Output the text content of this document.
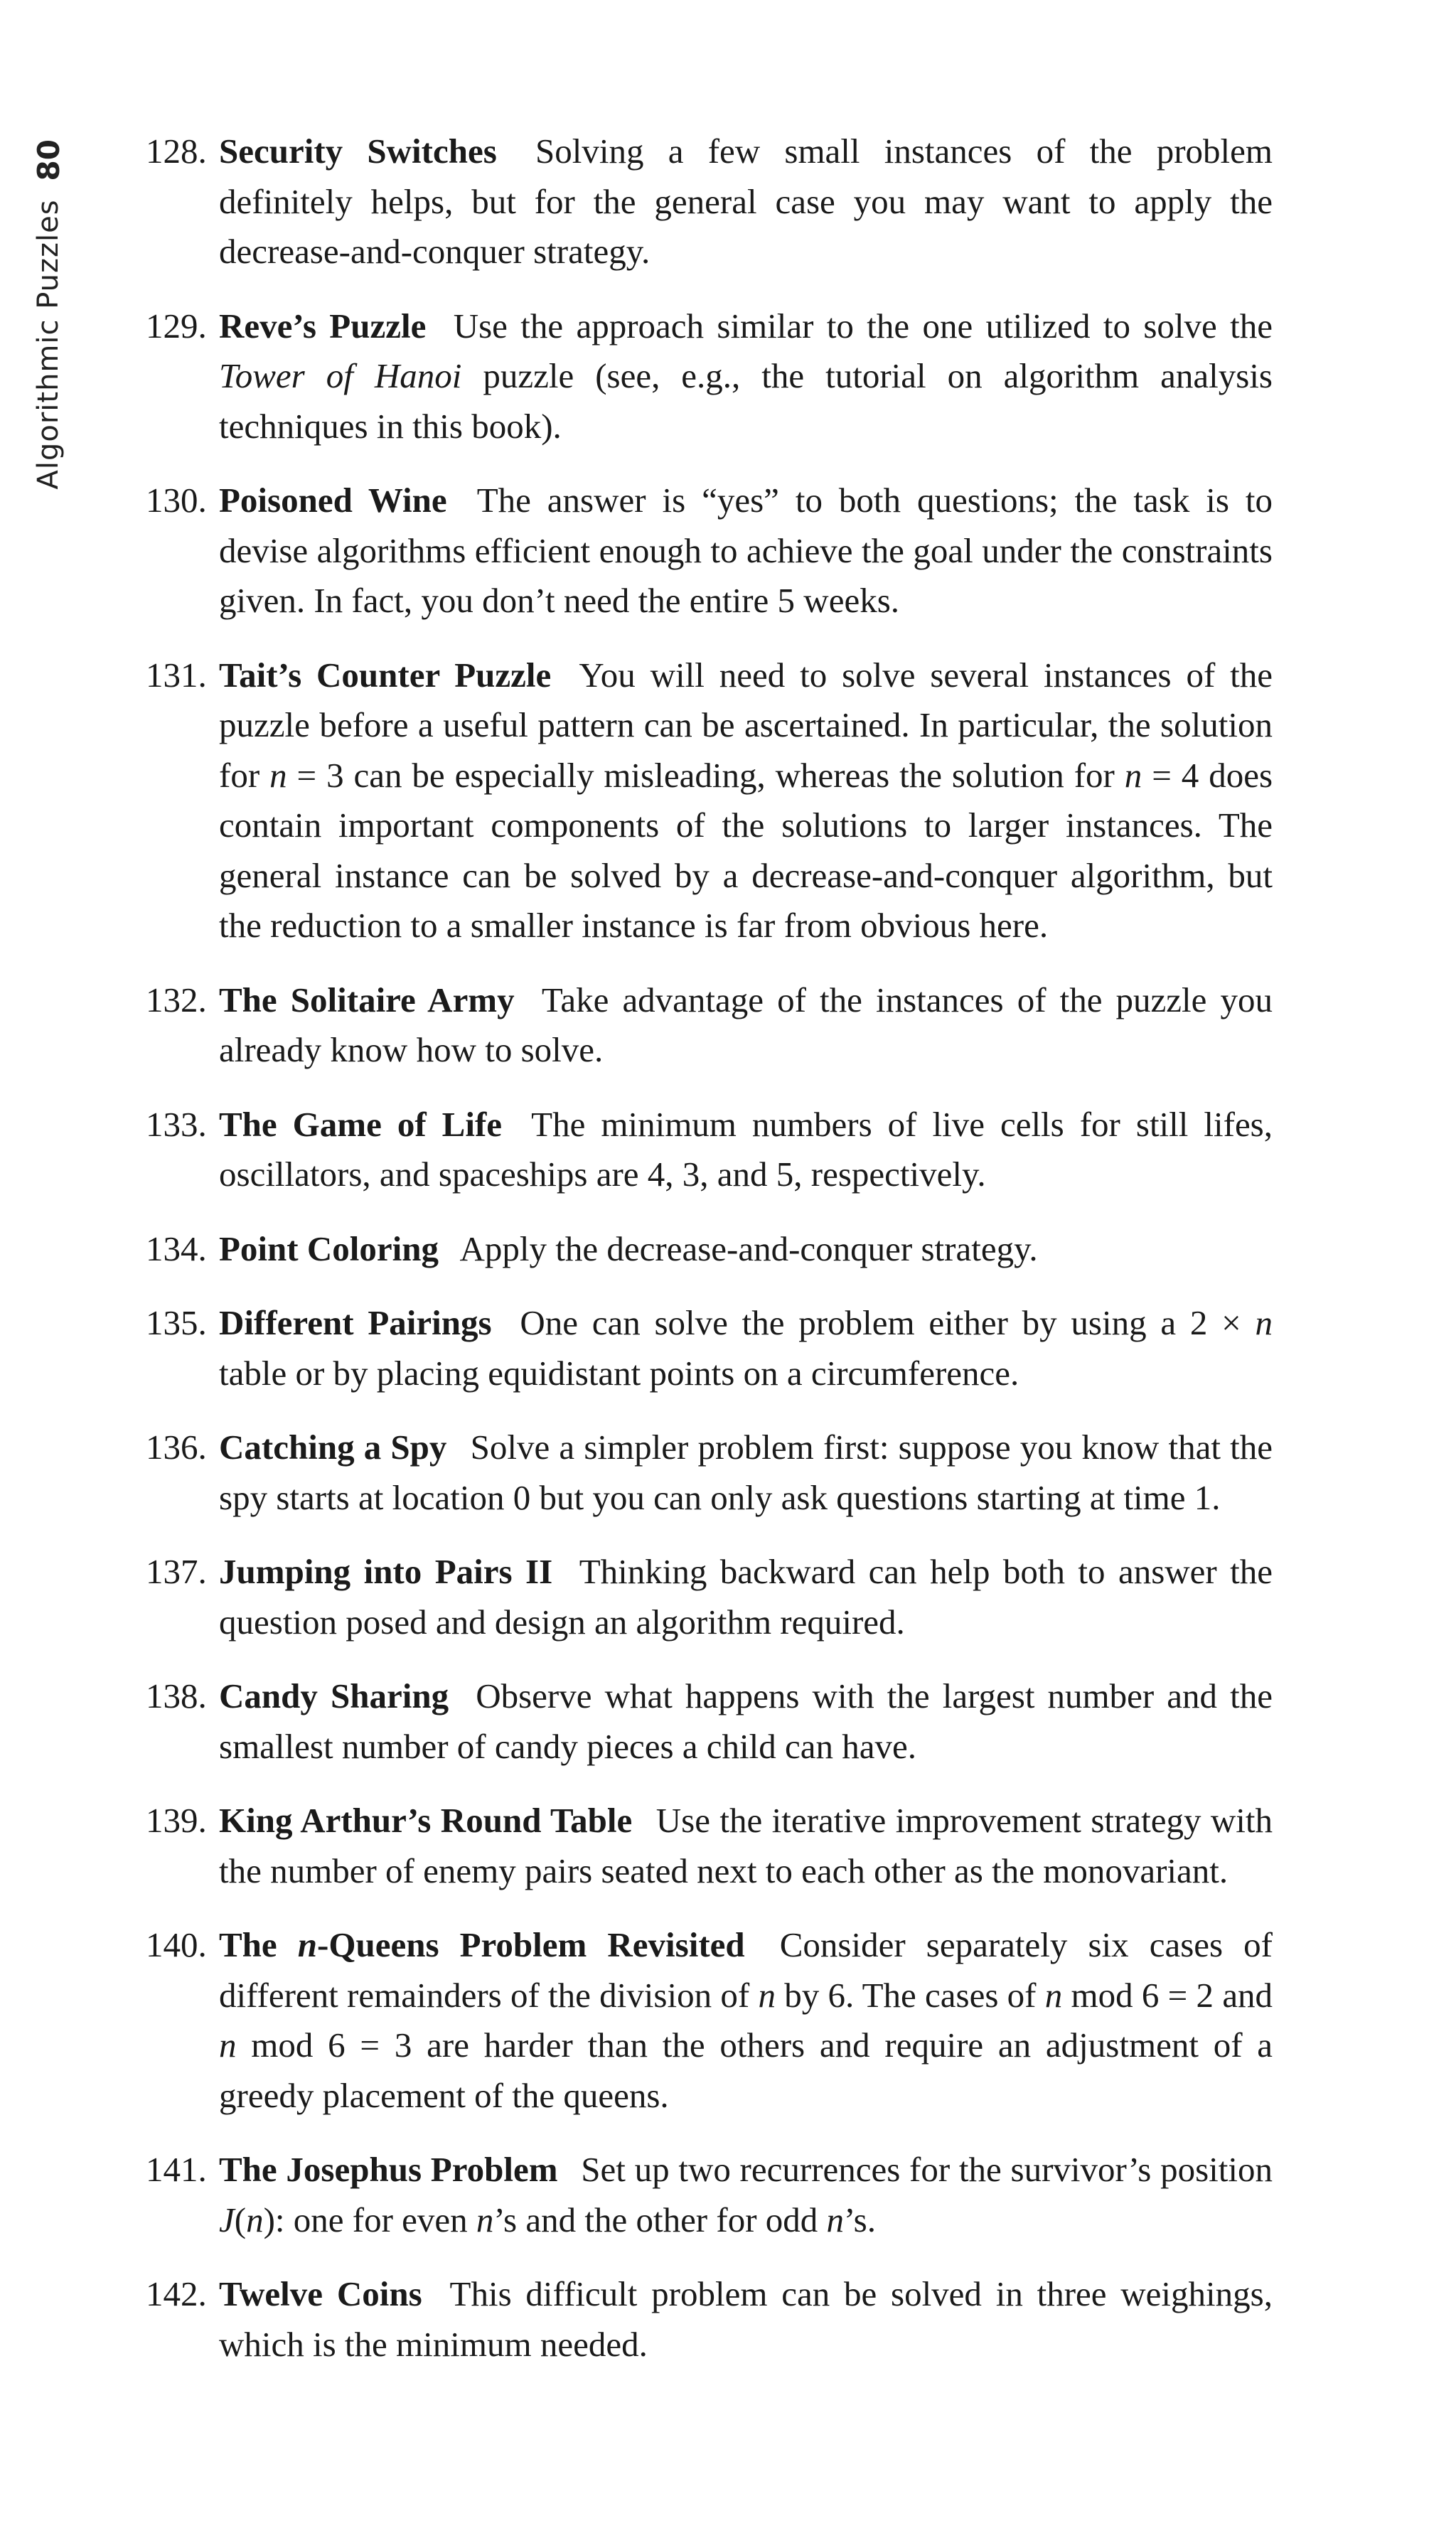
Algorithmic Puzzles
80 128. Security Switches Solving a few small instances of the problem definitely helps, but for the general case you may want to apply the decrease-and-conquer strategy.
129. Reve’s Puzzle Use the approach similar to the one utilized to solve the Tower of Hanoi puzzle (see, e.g., the tutorial on algorithm analysis techniques in this book).
130. Poisoned Wine The answer is “yes” to both questions; the task is to devise algorithms efficient enough to achieve the goal under the constraints given. In fact, you don’t need the entire 5 weeks.
131. Tait’s Counter Puzzle You will need to solve several instances of the puzzle before a useful pattern can be ascertained. In particular, the solution for n = 3 can be especially misleading, whereas the solution for n = 4 does contain important components of the solutions to larger instances. The general instance can be solved by a decrease-and-conquer algorithm, but the reduction to a smaller instance is far from obvious here.
132. The Solitaire Army Take advantage of the instances of the puzzle you already know how to solve.
133. The Game of Life The minimum numbers of live cells for still lifes, oscillators, and spaceships are 4, 3, and 5, respectively.
134. Point Coloring Apply the decrease-and-conquer strategy.
135. Different Pairings One can solve the problem either by using a 2 × n table or by placing equidistant points on a circumference.
136. Catching a Spy Solve a simpler problem first: suppose you know that the spy starts at location 0 but you can only ask questions starting at time 1.
137. Jumping into Pairs II Thinking backward can help both to answer the question posed and design an algorithm required.
138. Candy Sharing Observe what happens with the largest number and the smallest number of candy pieces a child can have.
139. King Arthur’s Round Table Use the iterative improvement strategy with the number of enemy pairs seated next to each other as the monovariant.
140. The n-Queens Problem Revisited Consider separately six cases of different remainders of the division of n by 6. The cases of n mod 6 = 2 and n mod 6 = 3 are harder than the others and require an adjustment of a greedy placement of the queens.
141. The Josephus Problem Set up two recurrences for the survivor’s position J(n): one for even n’s and the other for odd n’s.
142. Twelve Coins This difficult problem can be solved in three weighings, which is the minimum needed.
